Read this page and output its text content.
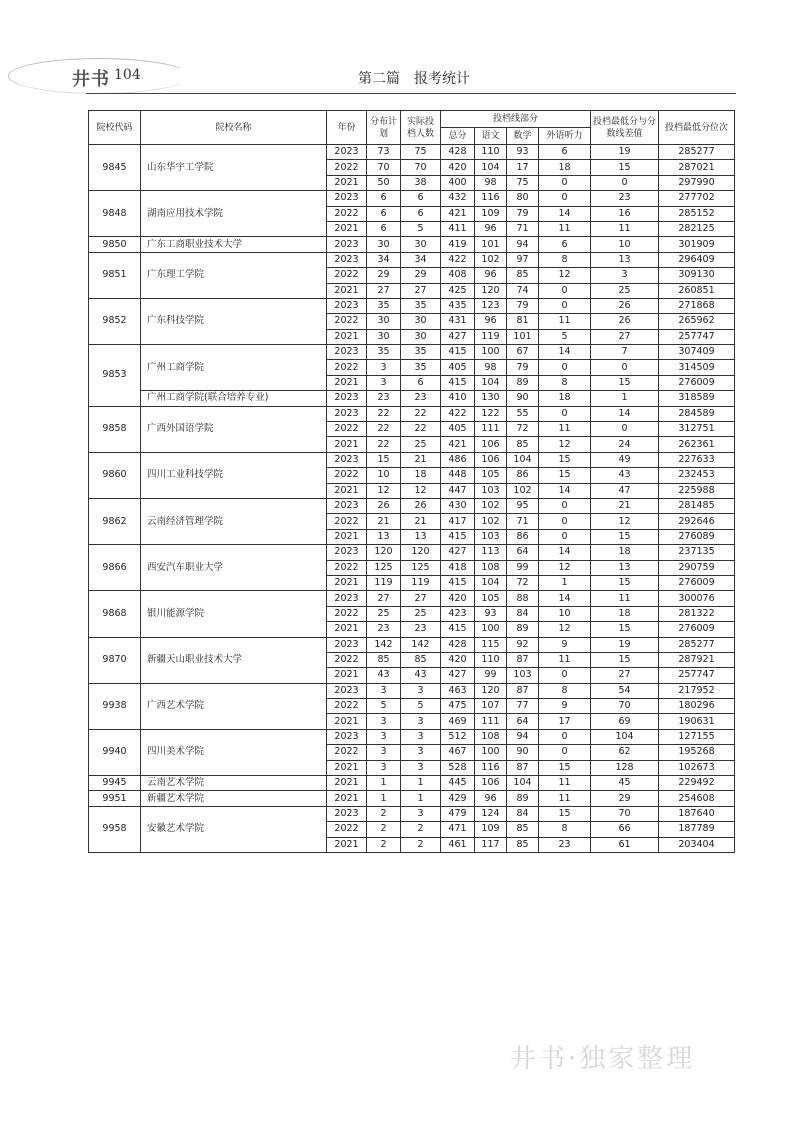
井书 104	第二篇　报考统计
院校代码	院校名称	年份	分布计划	实际投档人数	投档线部分				投档最低分与分数线差值	投档最低分位次
					总分	语文	数学	外语听力		
9845	山东华宇工学院	2023	73	75	428	110	93	6	19	285277
		2022	70	70	420	104	17	18	15	287021
		2021	50	38	400	98	75	0	0	297990
9848	湖南应用技术学院	2023	6	6	432	116	80	0	23	277702
		2022	6	6	421	109	79	14	16	285152
		2021	6	5	411	96	71	11	11	282125
9850	广东工商职业技术大学	2023	30	30	419	101	94	6	10	301909
9851	广东理工学院	2023	34	34	422	102	97	8	13	296409
		2022	29	29	408	96	85	12	3	309130
		2021	27	27	425	120	74	0	25	260851
9852	广东科技学院	2023	35	35	435	123	79	0	26	271868
		2022	30	30	431	96	81	11	26	265962
		2021	30	30	427	119	101	5	27	257747
9853	广州工商学院	2023	35	35	415	100	67	14	7	307409
		2022	3	35	405	98	79	0	0	314509
		2021	3	6	415	104	89	8	15	276009
	广州工商学院(联合培养专业)	2023	23	23	410	130	90	18	1	318589
9858	广西外国语学院	2023	22	22	422	122	55	0	14	284589
		2022	22	22	405	111	72	11	0	312751
		2021	22	25	421	106	85	12	24	262361
9860	四川工业科技学院	2023	15	21	486	106	104	15	49	227633
		2022	10	18	448	105	86	15	43	232453
		2021	12	12	447	103	102	14	47	225988
9862	云南经济管理学院	2023	26	26	430	102	95	0	21	281485
		2022	21	21	417	102	71	0	12	292646
		2021	13	13	415	103	86	0	15	276089
9866	西安汽车职业大学	2023	120	120	427	113	64	14	18	237135
		2022	125	125	418	108	99	12	13	290759
		2021	119	119	415	104	72	1	15	276009
9868	银川能源学院	2023	27	27	420	105	88	14	11	300076
		2022	25	25	423	93	84	10	18	281322
		2021	23	23	415	100	89	12	15	276009
9870	新疆天山职业技术大学	2023	142	142	428	115	92	9	19	285277
		2022	85	85	420	110	87	11	15	287921
		2021	43	43	427	99	103	0	27	257747
9938	广西艺术学院	2023	3	3	463	120	87	8	54	217952
		2022	5	5	475	107	77	9	70	180296
		2021	3	3	469	111	64	17	69	190631
9940	四川美术学院	2023	3	3	512	108	94	0	104	127155
		2022	3	3	467	100	90	0	62	195268
		2021	3	3	528	116	87	15	128	102673
9945	云南艺术学院	2021	1	1	445	106	104	11	45	229492
9951	新疆艺术学院	2021	1	1	429	96	89	11	29	254608
9958	安徽艺术学院	2023	2	3	479	124	84	15	70	187640
		2022	2	2	471	109	85	8	66	187789
		2021	2	2	461	117	85	23	61	203404
井书·独家整理
